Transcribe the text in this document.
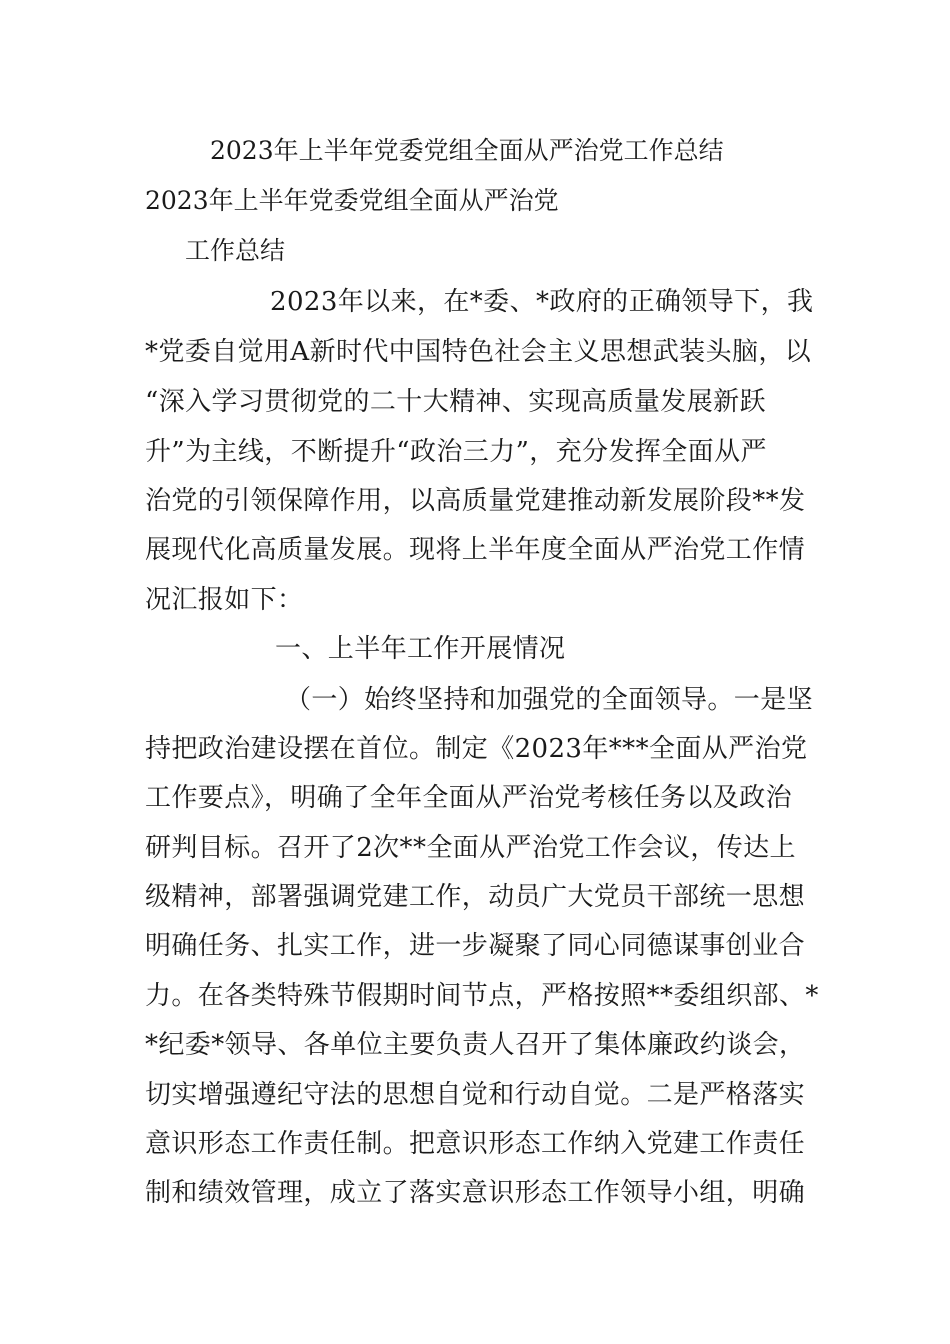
2023年上半年党委党组全面从严治党工作总结
2023年上半年党委党组全面从严治党
工作总结
2023年以来，在*委、*政府的正确领导下，我
*党委自觉用A新时代中国特色社会主义思想武装头脑，以
“深入学习贯彻党的二十大精神、实现高质量发展新跃
升”为主线，不断提升“政治三力”，充分发挥全面从严
治党的引领保障作用，以高质量党建推动新发展阶段**发
展现代化高质量发展。现将上半年度全面从严治党工作情
况汇报如下：
一、上半年工作开展情况
（一）始终坚持和加强党的全面领导。一是坚
持把政治建设摆在首位。制定《2023年***全面从严治党
工作要点》，明确了全年全面从严治党考核任务以及政治
研判目标。召开了2次**全面从严治党工作会议，传达上
级精神，部署强调党建工作，动员广大党员干部统一思想
明确任务、扎实工作，进一步凝聚了同心同德谋事创业合
力。在各类特殊节假期时间节点，严格按照**委组织部、*
*纪委*领导、各单位主要负责人召开了集体廉政约谈会，
切实增强遵纪守法的思想自觉和行动自觉。二是严格落实
意识形态工作责任制。把意识形态工作纳入党建工作责任
制和绩效管理，成立了落实意识形态工作领导小组，明确
